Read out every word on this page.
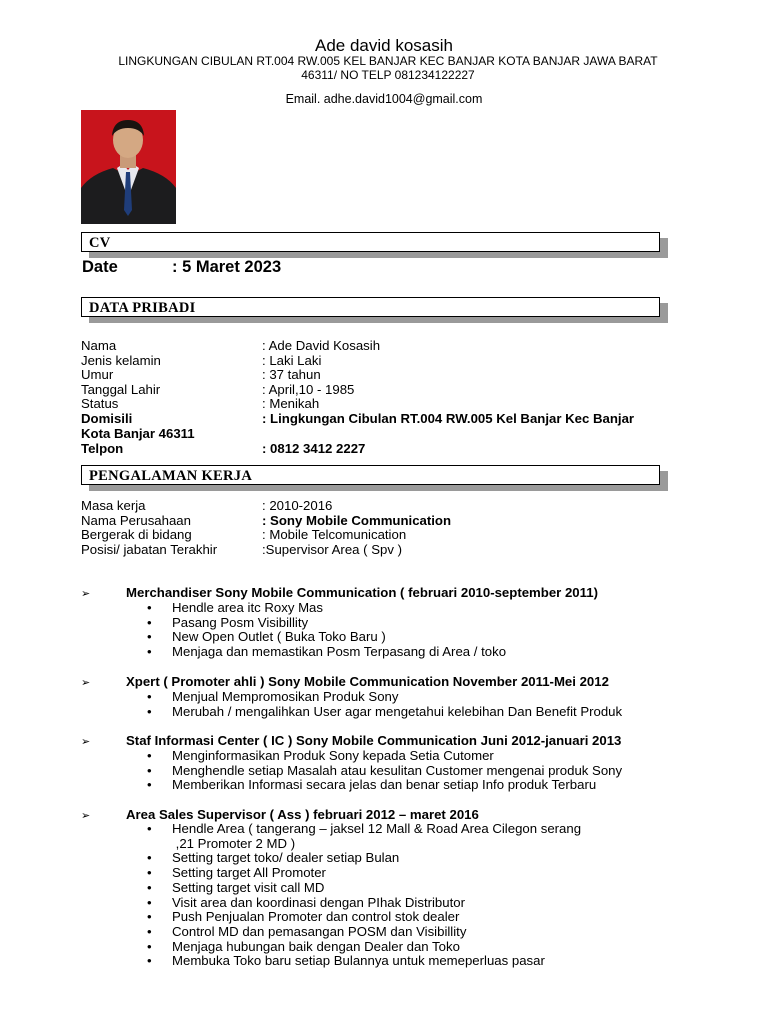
Ade david kosasih
LINGKUNGAN CIBULAN RT.004 RW.005 KEL BANJAR KEC BANJAR KOTA BANJAR JAWA BARAT
46311/ NO TELP 081234122227
Email. adhe.david1004@gmail.com
CV
Date	: 5 Maret 2023
DATA PRIBADI
Nama	: Ade David Kosasih
Jenis kelamin	: Laki Laki
Umur	: 37 tahun
Tanggal Lahir	: April,10 - 1985
Status	: Menikah
Domisili	: Lingkungan Cibulan RT.004 RW.005 Kel Banjar Kec Banjar
Kota Banjar 46311
Telpon	: 0812 3412 2227
PENGALAMAN KERJA
Masa kerja	: 2010-2016
Nama Perusahaan	: Sony Mobile Communication
Bergerak di bidang	: Mobile Telcomunication
Posisi/ jabatan Terakhir	:Supervisor Area ( Spv )
➢	Merchandiser Sony Mobile Communication ( februari 2010-september 2011)
• Hendle area itc Roxy Mas
• Pasang Posm Visibillity
• New Open Outlet ( Buka Toko Baru )
• Menjaga dan memastikan Posm Terpasang di Area / toko
➢	Xpert ( Promoter ahli ) Sony Mobile Communication November 2011-Mei 2012
• Menjual Mempromosikan Produk Sony
• Merubah / mengalihkan User agar mengetahui kelebihan Dan Benefit Produk
➢	Staf Informasi Center ( IC ) Sony Mobile Communication Juni 2012-januari 2013
• Menginformasikan Produk Sony kepada Setia Cutomer
• Menghendle setiap Masalah atau kesulitan Customer mengenai produk Sony
• Memberikan Informasi secara jelas dan benar setiap Info produk Terbaru
➢	Area Sales Supervisor ( Ass ) februari 2012 – maret 2016
• Hendle Area ( tangerang – jaksel 12 Mall & Road Area Cilegon serang
,21 Promoter 2 MD )
• Setting target toko/ dealer setiap Bulan
• Setting target All Promoter
• Setting target visit call MD
• Visit area dan koordinasi dengan PIhak Distributor
• Push Penjualan Promoter dan control stok dealer
• Control MD dan pemasangan POSM dan Visibillity
• Menjaga hubungan baik dengan Dealer dan Toko
• Membuka Toko baru setiap Bulannya untuk memeperluas pasar
